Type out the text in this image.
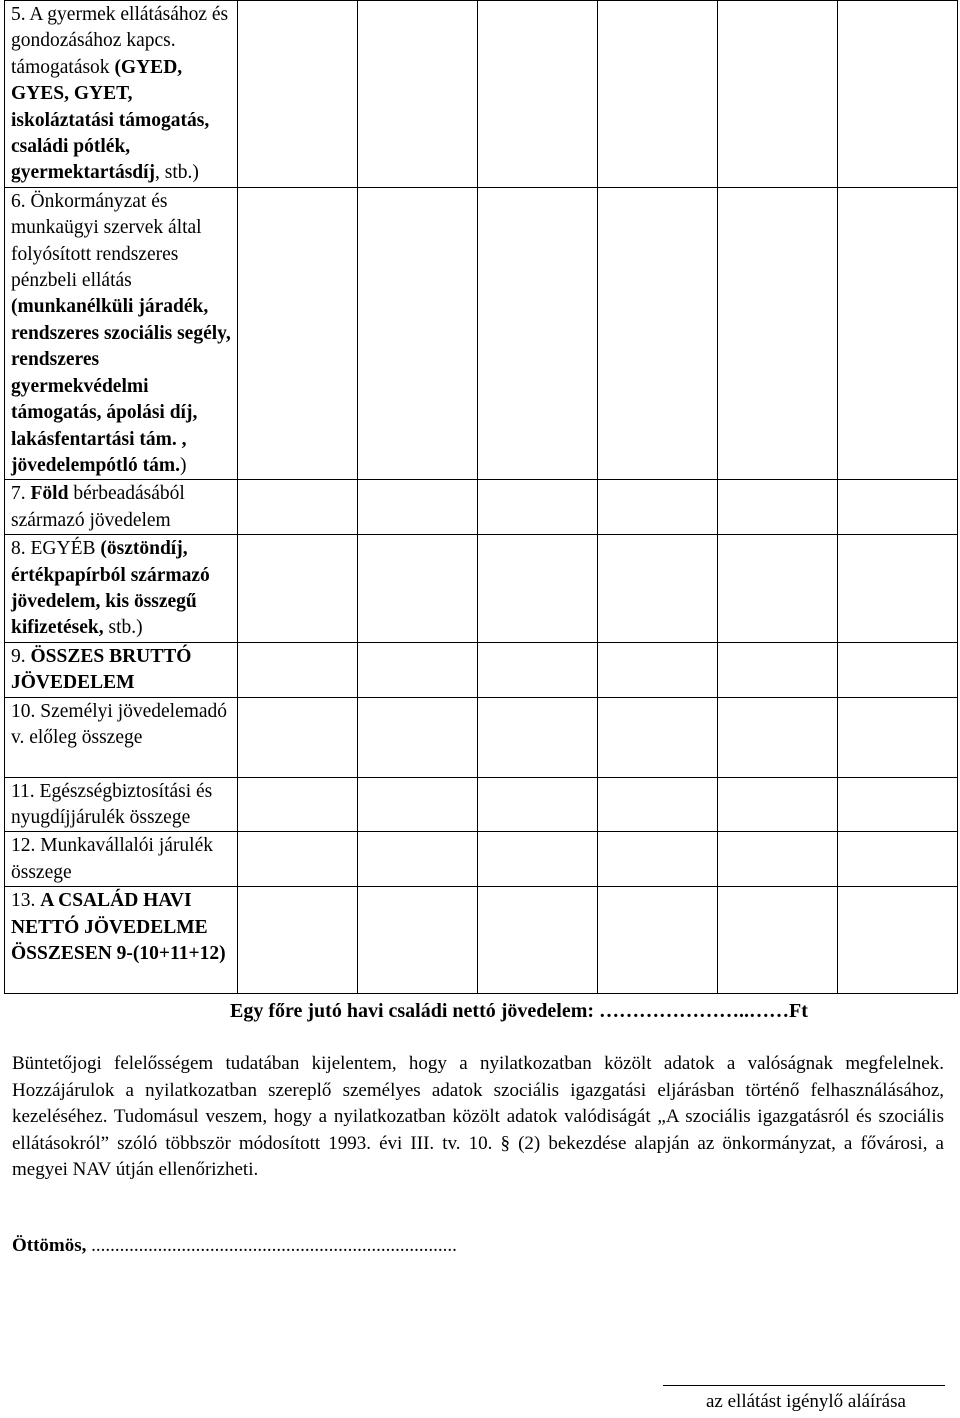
5. A gyermek ellátásához és gondozásához kapcs. támogatások (GYED, GYES, GYET, iskoláztatási támogatás, családi pótlék, gyermektartásdíj, stb.)						

6. Önkormányzat és munkaügyi szervek által folyósított rendszeres pénzbeli ellátás (munkanélküli járadék, rendszeres szociális segély, rendszeres gyermekvédelmi támogatás, ápolási díj, lakásfentartási tám. , jövedelempótló tám.)						

7. Föld bérbeadásából származó jövedelem						

8. EGYÉB (ösztöndíj, értékpapírból származó jövedelem, kis összegű kifizetések, stb.)						

9. ÖSSZES BRUTTÓ JÖVEDELEM						

10. Személyi jövedelemadó v. előleg összege						

11. Egészségbiztosítási és nyugdíjjárulék összege						

12. Munkavállalói járulék összege						

13. A CSALÁD HAVI NETTÓ JÖVEDELME ÖSSZESEN 9-(10+11+12)						

Egy főre jutó havi családi nettó jövedelem: …………………..……Ft
Büntetőjogi felelősségem tudatában kijelentem, hogy a nyilatkozatban közölt adatok a valóságnak megfelelnek. Hozzájárulok a nyilatkozatban szereplő személyes adatok szociális igazgatási eljárásban történő felhasználásához, kezeléséhez. Tudomásul veszem, hogy a nyilatkozatban közölt adatok valódiságát „A szociális igazgatásról és szociális ellátásokról” szóló többször módosított 1993. évi III. tv. 10. § (2) bekezdése alapján az önkormányzat, a fővárosi, a megyei NAV útján ellenőrizheti.
Öttömös, .............................................................................
az ellátást igénylő aláírása
